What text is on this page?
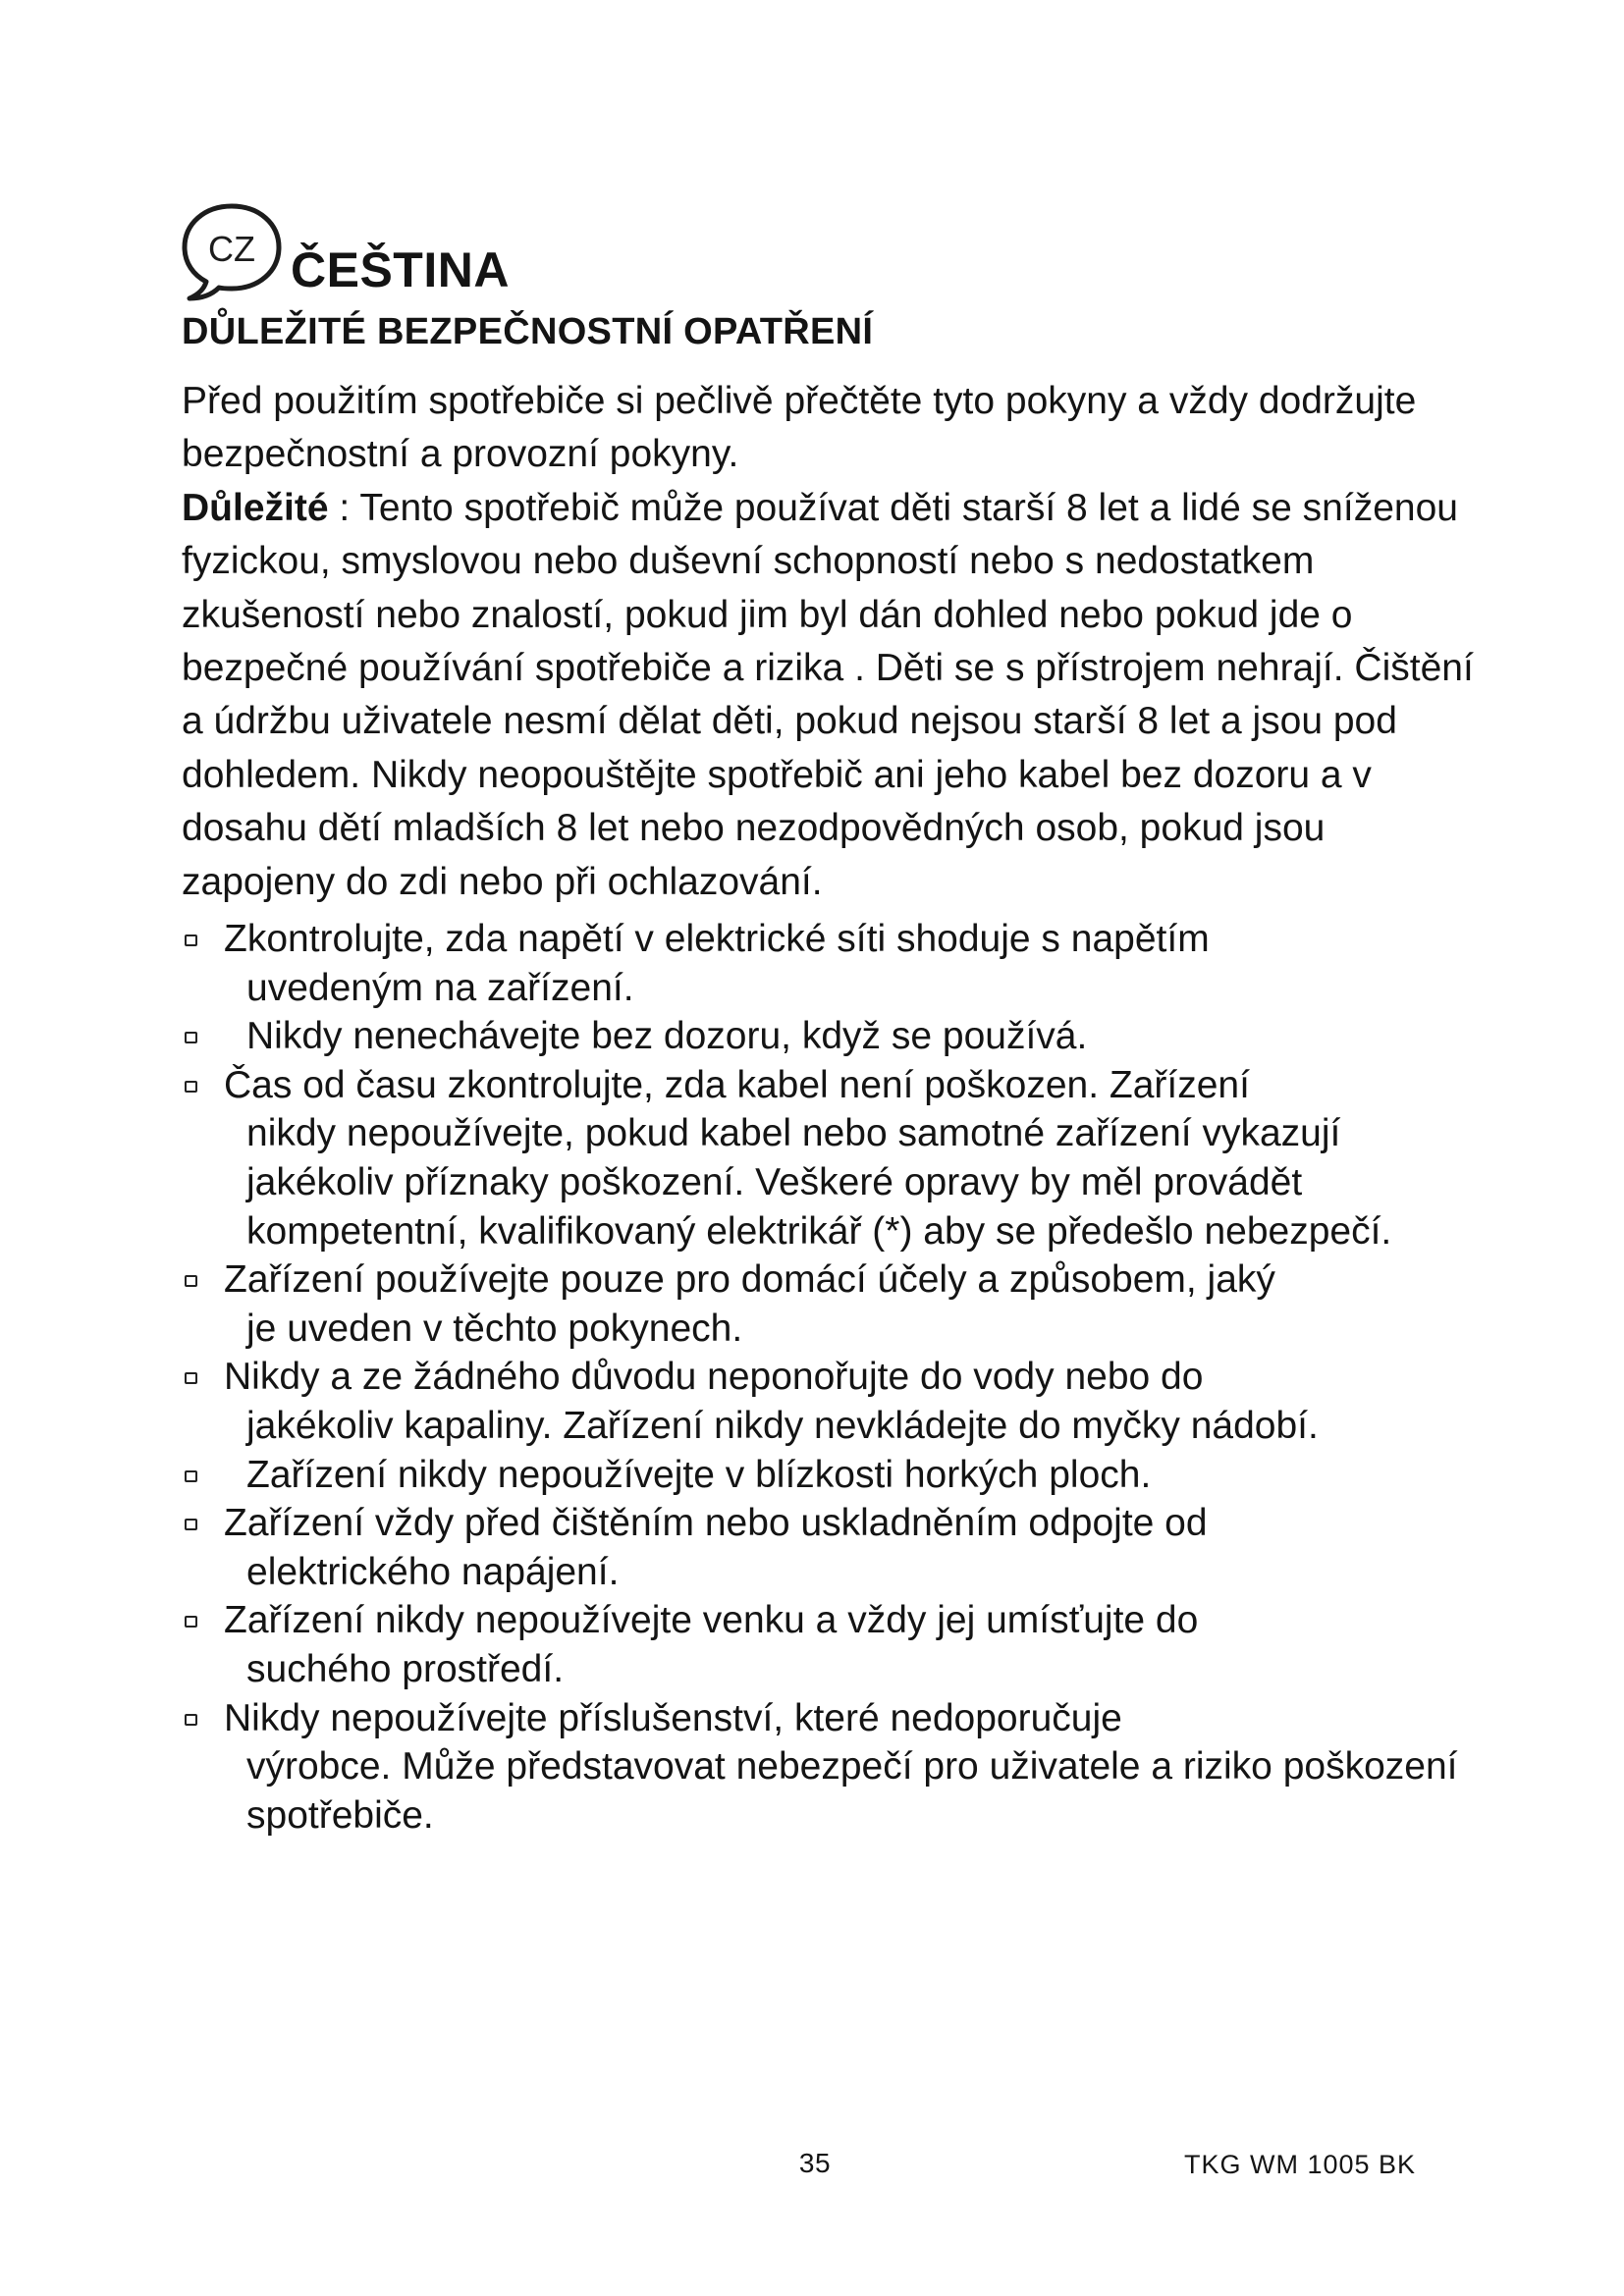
CZ ČEŠTINA
DŮLEŽITÉ BEZPEČNOSTNÍ OPATŘENÍ

Před použitím spotřebiče si pečlivě přečtěte tyto pokyny a vždy dodržujte bezpečnostní a provozní pokyny.

Důležité : Tento spotřebič může používat děti starší 8 let a lidé se sníženou fyzickou, smyslovou nebo duševní schopností nebo s nedostatkem zkušeností nebo znalostí, pokud jim byl dán dohled nebo pokud jde o bezpečné používání spotřebiče a rizika . Děti se s přístrojem nehrají. Čištění a údržbu uživatele nesmí dělat děti, pokud nejsou starší 8 let a jsou pod dohledem. Nikdy neopouštějte spotřebič ani jeho kabel bez dozoru a v dosahu dětí mladších 8 let nebo nezodpovědných osob, pokud jsou zapojeny do zdi nebo při ochlazování.

Zkontrolujte, zda napětí v elektrické síti shoduje s napětím
uvedeným na zařízení.
Nikdy nenechávejte bez dozoru, když se používá.
Čas od času zkontrolujte, zda kabel není poškozen. Zařízení
nikdy nepoužívejte, pokud kabel nebo samotné zařízení vykazují jakékoliv příznaky poškození. Veškeré opravy by měl provádět kompetentní, kvalifikovaný elektrikář (*) aby se předešlo nebezpečí.
Zařízení používejte pouze pro domácí účely a způsobem, jaký
je uveden v těchto pokynech.
Nikdy a ze žádného důvodu neponořujte do vody nebo do
jakékoliv kapaliny. Zařízení nikdy nevkládejte do myčky nádobí.
Zařízení nikdy nepoužívejte v blízkosti horkých ploch.
Zařízení vždy před čištěním nebo uskladněním odpojte od
elektrického napájení.
Zařízení nikdy nepoužívejte venku a vždy jej umísťujte do
suchého prostředí.
Nikdy nepoužívejte příslušenství, které nedoporučuje
výrobce. Může představovat nebezpečí pro uživatele a riziko poškození spotřebiče.
35	TKG WM 1005 BK
